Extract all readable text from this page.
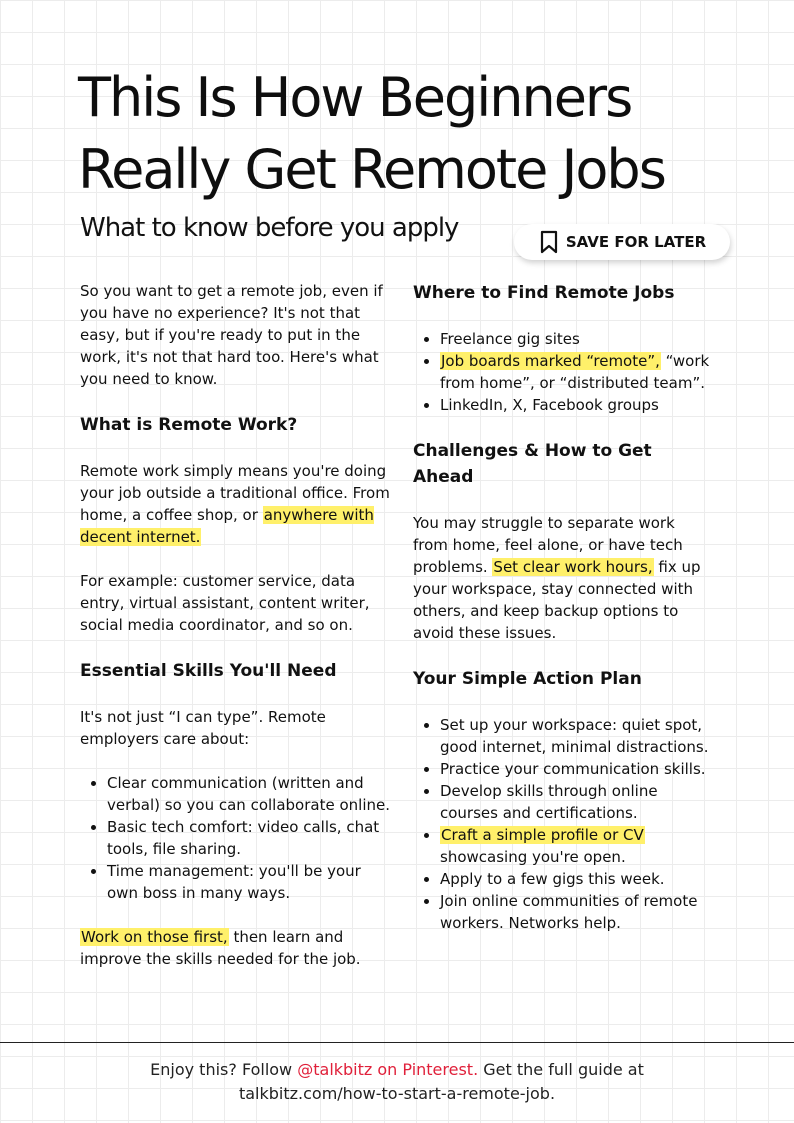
This Is How Beginners
Really Get Remote Jobs
What to know before you apply	SAVE FOR LATER

So you want to get a remote job, even if you have no experience? It's not that easy, but if you're ready to put in the work, it's not that hard too. Here's what you need to know.

What is Remote Work?

Remote work simply means you're doing your job outside a traditional office. From home, a coffee shop, or anywhere with decent internet.

For example: customer service, data entry, virtual assistant, content writer, social media coordinator, and so on.

Essential Skills You'll Need

It's not just “I can type”. Remote employers care about:

• Clear communication (written and verbal) so you can collaborate online.
• Basic tech comfort: video calls, chat tools, file sharing.
• Time management: you'll be your own boss in many ways.

Work on those first, then learn and improve the skills needed for the job.

Where to Find Remote Jobs
• Freelance gig sites
• Job boards marked “remote”, “work from home”, or “distributed team”.
• LinkedIn, X, Facebook groups
Challenges & How to Get Ahead

You may struggle to separate work from home, feel alone, or have tech problems. Set clear work hours, fix up your workspace, stay connected with others, and keep backup options to avoid these issues.

Your Simple Action Plan
• Set up your workspace: quiet spot, good internet, minimal distractions.
• Practice your communication skills.
• Develop skills through online courses and certifications.
• Craft a simple profile or CV showcasing you're open.
• Apply to a few gigs this week.
• Join online communities of remote workers. Networks help.
Enjoy this? Follow @talkbitz on Pinterest. Get the full guide at
talkbitz.com/how-to-start-a-remote-job.
